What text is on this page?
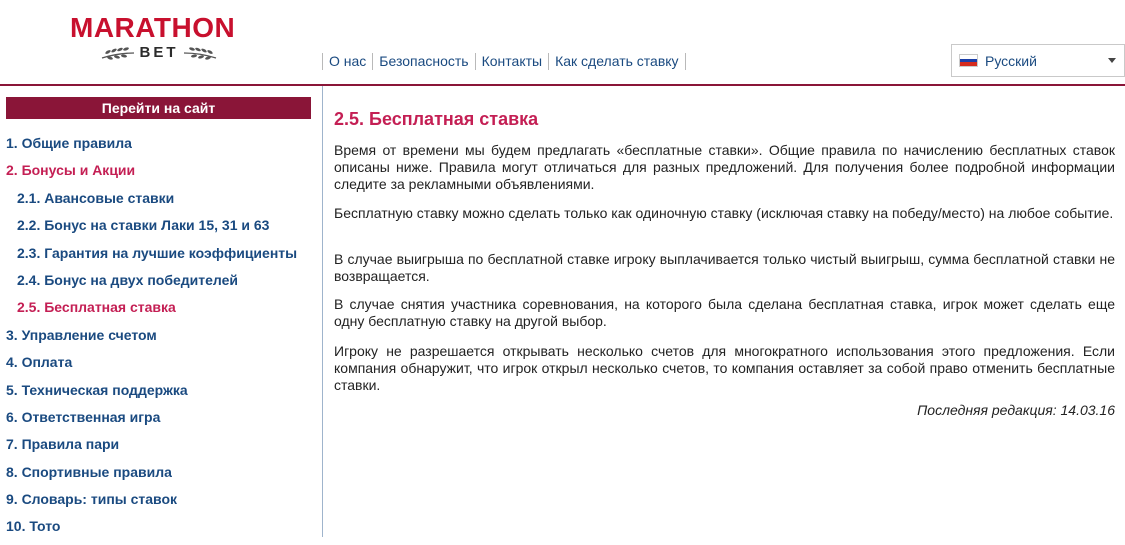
MARATHON
BET	О нас Безопасность Контакты Как сделать ставку	Русский
Перейти на сайт
1. Общие правила
2. Бонусы и Акции
2.1. Авансовые ставки
2.2. Бонус на ставки Лаки 15, 31 и 63
2.3. Гарантия на лучшие коэффициенты
2.4. Бонус на двух победителей
2.5. Бесплатная ставка
3. Управление счетом
4. Оплата
5. Техническая поддержка
6. Ответственная игра
7. Правила пари
8. Спортивные правила
9. Словарь: типы ставок
10. Тото
2.5. Бесплатная ставка

Время от времени мы будем предлагать «бесплатные ставки». Общие правила по начислению бесплатных ставок описаны ниже. Правила могут отличаться для разных предложений. Для получения более подробной информации следите за рекламными объявлениями.

Бесплатную ставку можно сделать только как одиночную ставку (исключая ставку на победу/место) на любое событие.

В случае выигрыша по бесплатной ставке игроку выплачивается только чистый выигрыш, сумма бесплатной ставки не возвращается.

В случае снятия участника соревнования, на которого была сделана бесплатная ставка, игрок может сделать еще одну бесплатную ставку на другой выбор.

Игроку не разрешается открывать несколько счетов для многократного использования этого предложения. Если компания обнаружит, что игрок открыл несколько счетов, то компания оставляет за собой право отменить бесплатные ставки.

Последняя редакция: 14.03.16
